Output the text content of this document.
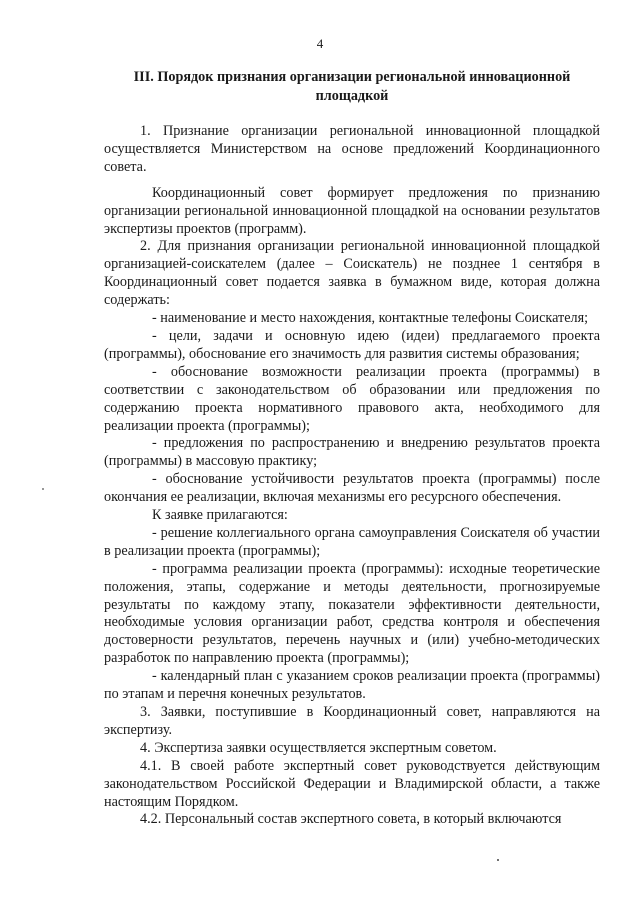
4
III. Порядок признания организации региональной инновационной
площадкой

1. Признание организации региональной инновационной площадкой осуществляется Министерством на основе предложений Координационного совета.

Координационный совет формирует предложения по признанию организации региональной инновационной площадкой на основании результатов экспертизы проектов (программ).

2. Для признания организации региональной инновационной площадкой организацией-соискателем (далее – Соискатель) не позднее 1 сентября в Координационный совет подается заявка в бумажном виде, которая должна содержать:

- наименование и место нахождения, контактные телефоны Соискателя;

- цели, задачи и основную идею (идеи) предлагаемого проекта (программы), обоснование его значимость для развития системы образования;

- обоснование возможности реализации проекта (программы) в соответствии с законодательством об образовании или предложения по содержанию проекта нормативного правового акта, необходимого для реализации проекта (программы);

- предложения по распространению и внедрению результатов проекта (программы) в массовую практику;

- обоснование устойчивости результатов проекта (программы) после окончания ее реализации, включая механизмы его ресурсного обеспечения.

К заявке прилагаются:

- решение коллегиального органа самоуправления Соискателя об участии в реализации проекта (программы);

- программа реализации проекта (программы): исходные теоретические положения, этапы, содержание и методы деятельности, прогнозируемые результаты по каждому этапу, показатели эффективности деятельности, необходимые условия организации работ, средства контроля и обеспечения достоверности результатов, перечень научных и (или) учебно-методических разработок по направлению проекта (программы);

- календарный план с указанием сроков реализации проекта (программы) по этапам и перечня конечных результатов.

3. Заявки, поступившие в Координационный совет, направляются на экспертизу.

4. Экспертиза заявки осуществляется экспертным советом.

4.1. В своей работе экспертный совет руководствуется действующим законодательством Российской Федерации и Владимирской области, а также настоящим Порядком.

4.2. Персональный состав экспертного совета, в который включаются
